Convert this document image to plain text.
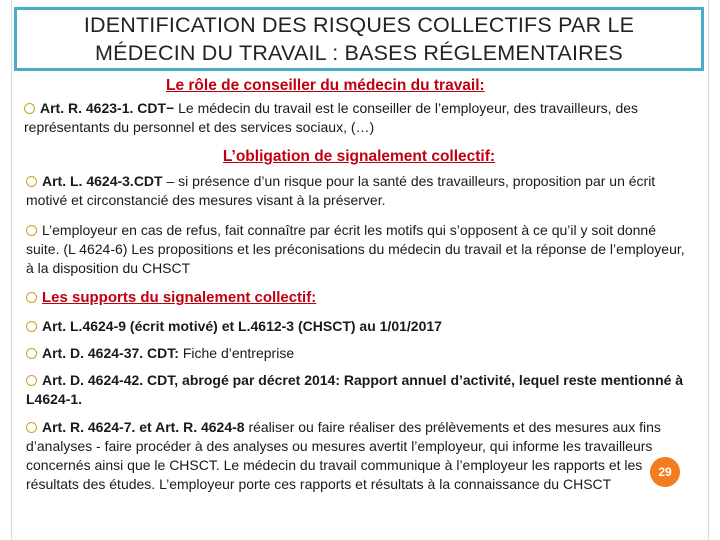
IDENTIFICATION DES RISQUES COLLECTIFS PAR LE
MÉDECIN DU TRAVAIL : BASES RÉGLEMENTAIRES
Le rôle de conseiller du médecin du travail:
Art. R. 4623-1. CDT− Le médecin du travail est le conseiller de l’employeur, des travailleurs, des représentants du personnel et des services sociaux, (…)
L’obligation de signalement collectif:
Art. L. 4624-3.CDT – si présence d’un risque pour la santé des travailleurs, proposition par un écrit motivé et circonstancié des mesures visant à la préserver.
L’employeur en cas de refus, fait connaître par écrit les motifs qui s’opposent à ce qu’il y soit donné suite. (L 4624-6) Les propositions et les préconisations du médecin du travail et la réponse de l’employeur, à la disposition du CHSCT
Les supports du signalement collectif:
Art. L.4624-9 (écrit motivé) et L.4612-3 (CHSCT) au 1/01/2017
Art. D. 4624-37. CDT: Fiche d’entreprise
Art. D. 4624-42. CDT, abrogé par décret 2014: Rapport annuel d’activité, lequel reste mentionné à L4624-1.
Art. R. 4624-7. et Art. R. 4624-8 réaliser ou faire réaliser des prélèvements et des mesures aux fins d’analyses - faire procéder à des analyses ou mesures avertit l’employeur, qui informe les travailleurs concernés ainsi que le CHSCT. Le médecin du travail communique à l’employeur les rapports et les résultats des études. L’employeur porte ces rapports et résultats à la connaissance du CHSCT
29
